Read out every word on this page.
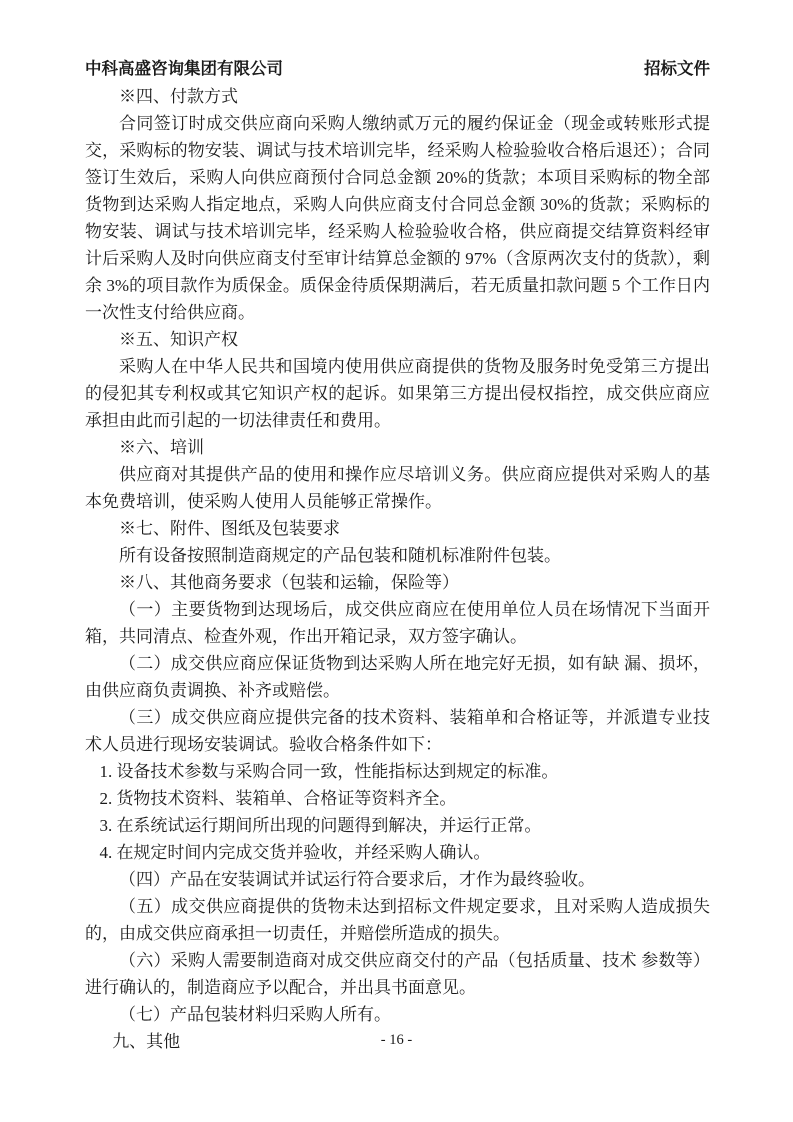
中科高盛咨询集团有限公司	招标文件

※四、付款方式

合同签订时成交供应商向采购人缴纳贰万元的履约保证金（现金或转账形式提交，采购标的物安装、调试与技术培训完毕，经采购人检验验收合格后退还）；合同签订生效后，采购人向供应商预付合同总金额 20%的货款；本项目采购标的物全部货物到达采购人指定地点，采购人向供应商支付合同总金额 30%的货款；采购标的物安装、调试与技术培训完毕，经采购人检验验收合格，供应商提交结算资料经审计后采购人及时向供应商支付至审计结算总金额的 97%（含原两次支付的货款），剩余 3%的项目款作为质保金。质保金待质保期满后，若无质量扣款问题 5 个工作日内一次性支付给供应商。

※五、知识产权

采购人在中华人民共和国境内使用供应商提供的货物及服务时免受第三方提出的侵犯其专利权或其它知识产权的起诉。如果第三方提出侵权指控，成交供应商应承担由此而引起的一切法律责任和费用。

※六、培训

供应商对其提供产品的使用和操作应尽培训义务。供应商应提供对采购人的基本免费培训，使采购人使用人员能够正常操作。

※七、附件、图纸及包装要求

所有设备按照制造商规定的产品包装和随机标准附件包装。

※八、其他商务要求（包装和运输，保险等）

（一）主要货物到达现场后，成交供应商应在使用单位人员在场情况下当面开箱，共同清点、检查外观，作出开箱记录，双方签字确认。

（二）成交供应商应保证货物到达采购人所在地完好无损，如有缺 漏、损坏，由供应商负责调换、补齐或赔偿。

（三）成交供应商应提供完备的技术资料、装箱单和合格证等，并派遣专业技术人员进行现场安装调试。验收合格条件如下：

1. 设备技术参数与采购合同一致，性能指标达到规定的标准。

2. 货物技术资料、装箱单、合格证等资料齐全。

3. 在系统试运行期间所出现的问题得到解决，并运行正常。

4. 在规定时间内完成交货并验收，并经采购人确认。

（四）产品在安装调试并试运行符合要求后，才作为最终验收。

（五）成交供应商提供的货物未达到招标文件规定要求，且对采购人造成损失的，由成交供应商承担一切责任，并赔偿所造成的损失。

（六）采购人需要制造商对成交供应商交付的产品（包括质量、技术 参数等）进行确认的，制造商应予以配合，并出具书面意见。

（七）产品包装材料归采购人所有。

九、其他	- 16 -
